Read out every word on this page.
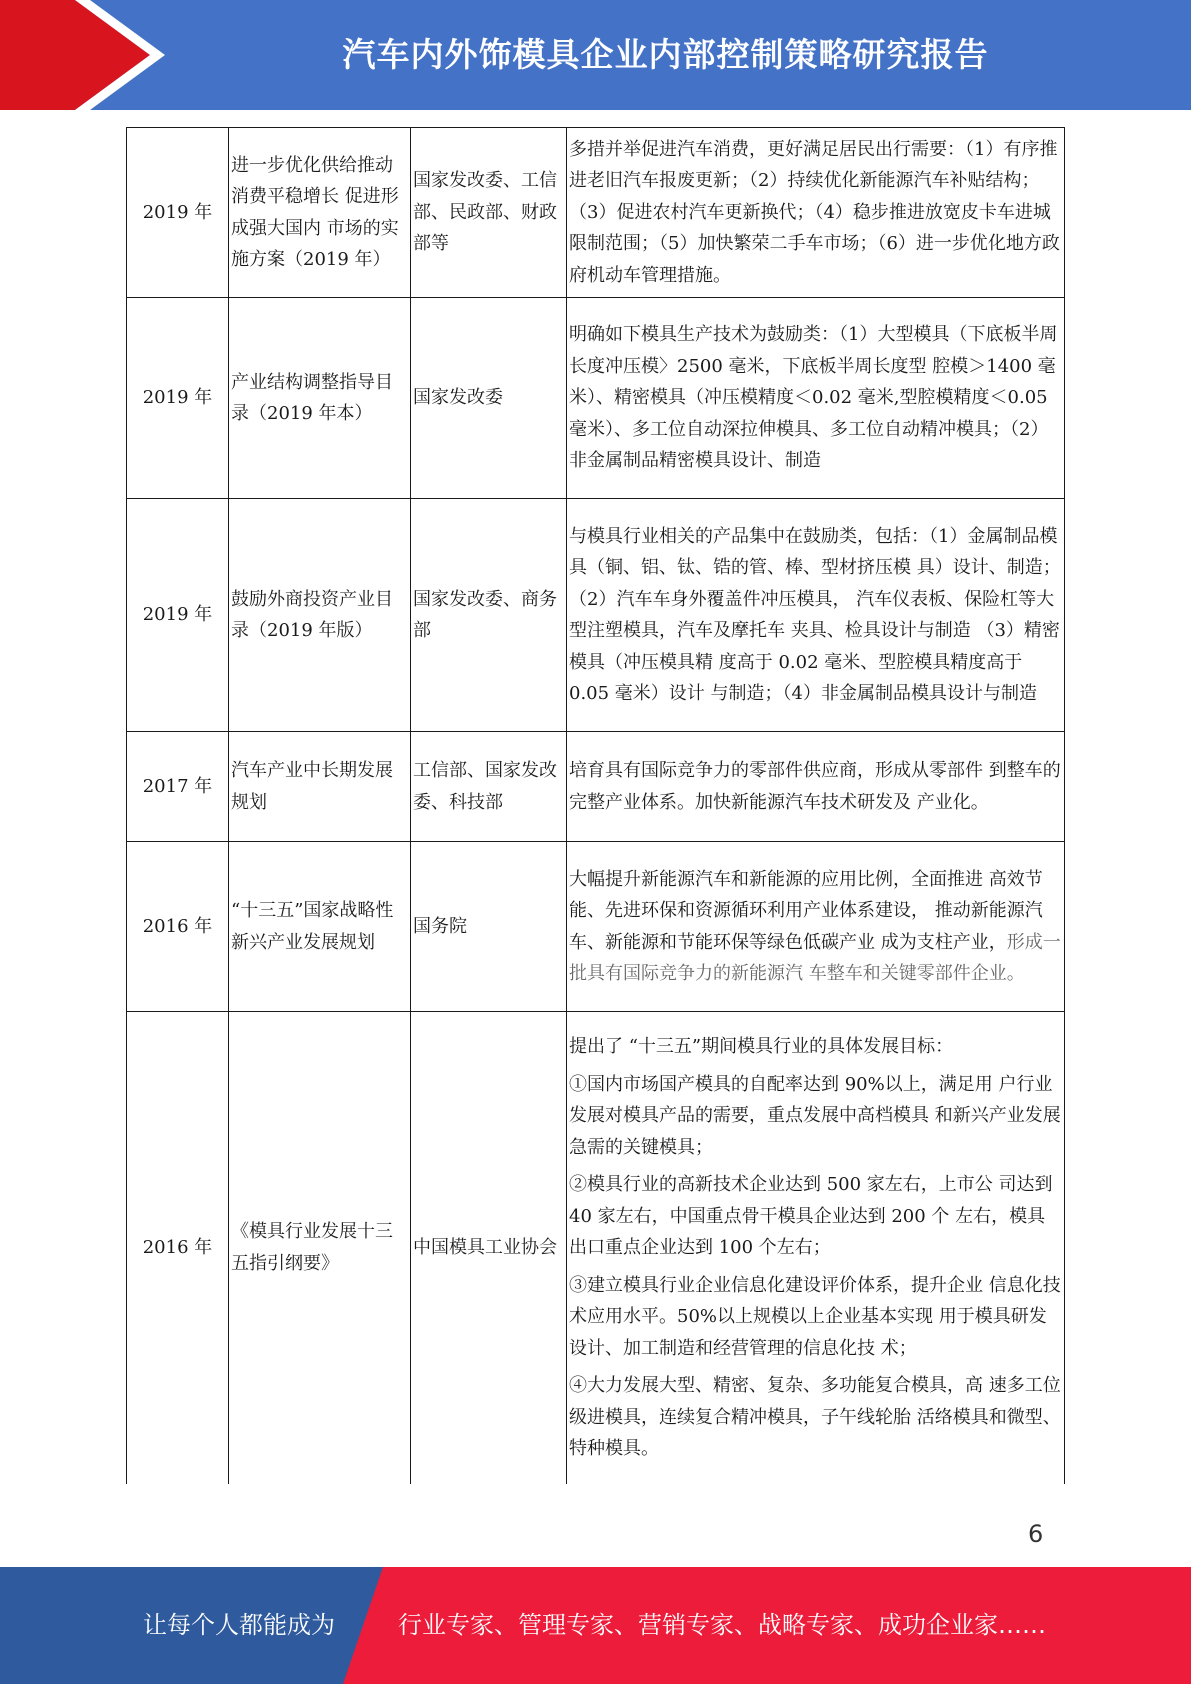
汽车内外饰模具企业内部控制策略研究报告
2019 年	进一步优化供给推动消费平稳增长 促进形成强大国内 市场的实施方案（2019 年）	国家发改委、工信部、民政部、财政部等	多措并举促进汽车消费，更好满足居民出行需要：（1）有序推进老旧汽车报废更新；（2）持续优化新能源汽车补贴结构；（3）促进农村汽车更新换代；（4）稳步推进放宽皮卡车进城限制范围；（5）加快繁荣二手车市场；（6）进一步优化地方政府机动车管理措施。

2019 年	产业结构调整指导目录（2019 年本）	国家发改委	明确如下模具生产技术为鼓励类：（1）大型模具（下底板半周长度冲压模〉2500 毫米，下底板半周长度型 腔模＞1400 毫米）、精密模具（冲压模精度＜0.02 毫米,型腔模精度＜0.05 毫米）、多工位自动深拉伸模具、多工位自动精冲模具；（2）非金属制品精密模具设计、制造

2019 年	鼓励外商投资产业目录（2019 年版）	国家发改委、商务部	与模具行业相关的产品集中在鼓励类，包括：（1）金属制品模具（铜、铝、钛、锆的管、棒、型材挤压模 具）设计、制造；（2）汽车车身外覆盖件冲压模具， 汽车仪表板、保险杠等大型注塑模具，汽车及摩托车 夹具、检具设计与制造 （3）精密模具（冲压模具精 度高于 0.02 毫米、型腔模具精度高于 0.05 毫米）设计 与制造；（4）非金属制品模具设计与制造

2017 年	汽车产业中长期发展规划	工信部、国家发改委、科技部	培育具有国际竞争力的零部件供应商，形成从零部件 到整车的完整产业体系。加快新能源汽车技术研发及 产业化。

2016 年	“十三五”国家战略性新兴产业发展规划	国务院	大幅提升新能源汽车和新能源的应用比例，全面推进 高效节能、先进环保和资源循环利用产业体系建设， 推动新能源汽车、新能源和节能环保等绿色低碳产业 成为支柱产业，形成一批具有国际竞争力的新能源汽 车整车和关键零部件企业。

2016 年	《模具行业发展十三五指引纲要》	中国模具工业协会	提出了 “十三五”期间模具行业的具体发展目标：

①国内市场国产模具的自配率达到 90%以上，满足用 户行业发展对模具产品的需要，重点发展中高档模具 和新兴产业发展急需的关键模具；

②模具行业的高新技术企业达到 500 家左右，上市公 司达到 40 家左右，中国重点骨干模具企业达到 200 个 左右，模具出口重点企业达到 100 个左右；

③建立模具行业企业信息化建设评价体系，提升企业 信息化技术应用水平。50%以上规模以上企业基本实现 用于模具研发设计、加工制造和经营管理的信息化技 术；

④大力发展大型、精密、复杂、多功能复合模具，高 速多工位级进模具，连续复合精冲模具，子午线轮胎 活络模具和微型、特种模具。

6
让每个人都能成为	行业专家、管理专家、营销专家、战略专家、成功企业家……
